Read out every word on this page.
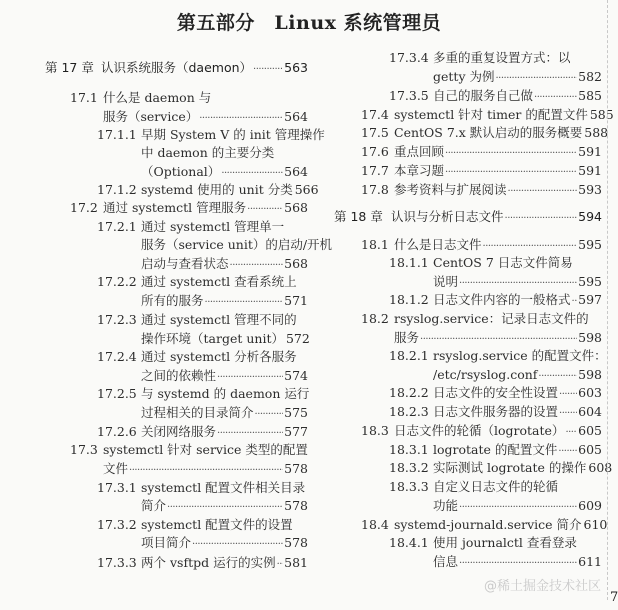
第五部分　Linux 系统管理员
第 17 章 认识系统服务（daemon） ·····	563
17.1 什么是 daemon 与
服务（service） ·····	564
17.1.1 早期 System V 的 init 管理操作
中 daemon 的主要分类
（Optional） ·····	564
17.1.2 systemd 使用的 unit 分类 566
17.2 通过 systemctl 管理服务 ·····	568
17.2.1 通过 systemctl 管理单一
服务（service unit）的启动/开机
启动与查看状态 ·····	568
17.2.2 通过 systemctl 查看系统上
所有的服务 ·····	571
17.2.3 通过 systemctl 管理不同的
操作环境（target unit） 572
17.2.4 通过 systemctl 分析各服务
之间的依赖性 ·····	574
17.2.5 与 systemd 的 daemon 运行
过程相关的目录简介 ····· 575
17.2.6 关闭网络服务 ·····	577
17.3 systemctl 针对 service 类型的配置
文件 ·····	578
17.3.1 systemctl 配置文件相关目录
简介 ·····	578
17.3.2 systemctl 配置文件的设置
项目简介 ·····	578
17.3.3 两个 vsftpd 运行的实例 ····· 581
17.3.4 多重的重复设置方式：以
getty 为例 ·····	582
17.3.5 自己的服务自己做 ·····	585
17.4 systemctl 针对 timer 的配置文件 585
17.5 CentOS 7.x 默认启动的服务概要 588
17.6 重点回顾 ·····	591
17.7 本章习题 ·····	591
17.8 参考资料与扩展阅读 ·····	593
第 18 章 认识与分析日志文件 ·····	594
18.1 什么是日志文件 ·····	595
18.1.1 CentOS 7 日志文件简易
说明 ·····	595
18.1.2 日志文件内容的一般格式 ····· 597
18.2 rsyslog.service：记录日志文件的
服务 ·····	598
18.2.1 rsyslog.service 的配置文件：
/etc/rsyslog.conf ·····	598
18.2.2 日志文件的安全性设置 ····· 603
18.2.3 日志文件服务器的设置 ····· 604
18.3 日志文件的轮循（logrotate） ····· 605
18.3.1 logrotate 的配置文件 ····· 605
18.3.2 实际测试 logrotate 的操作 608
18.3.3 自定义日志文件的轮循
功能 ·····	609
18.4 systemd-journald.service 简介 610
18.4.1 使用 journalctl 查看登录
信息 ·····	611
7
@稀土掘金技术社区
